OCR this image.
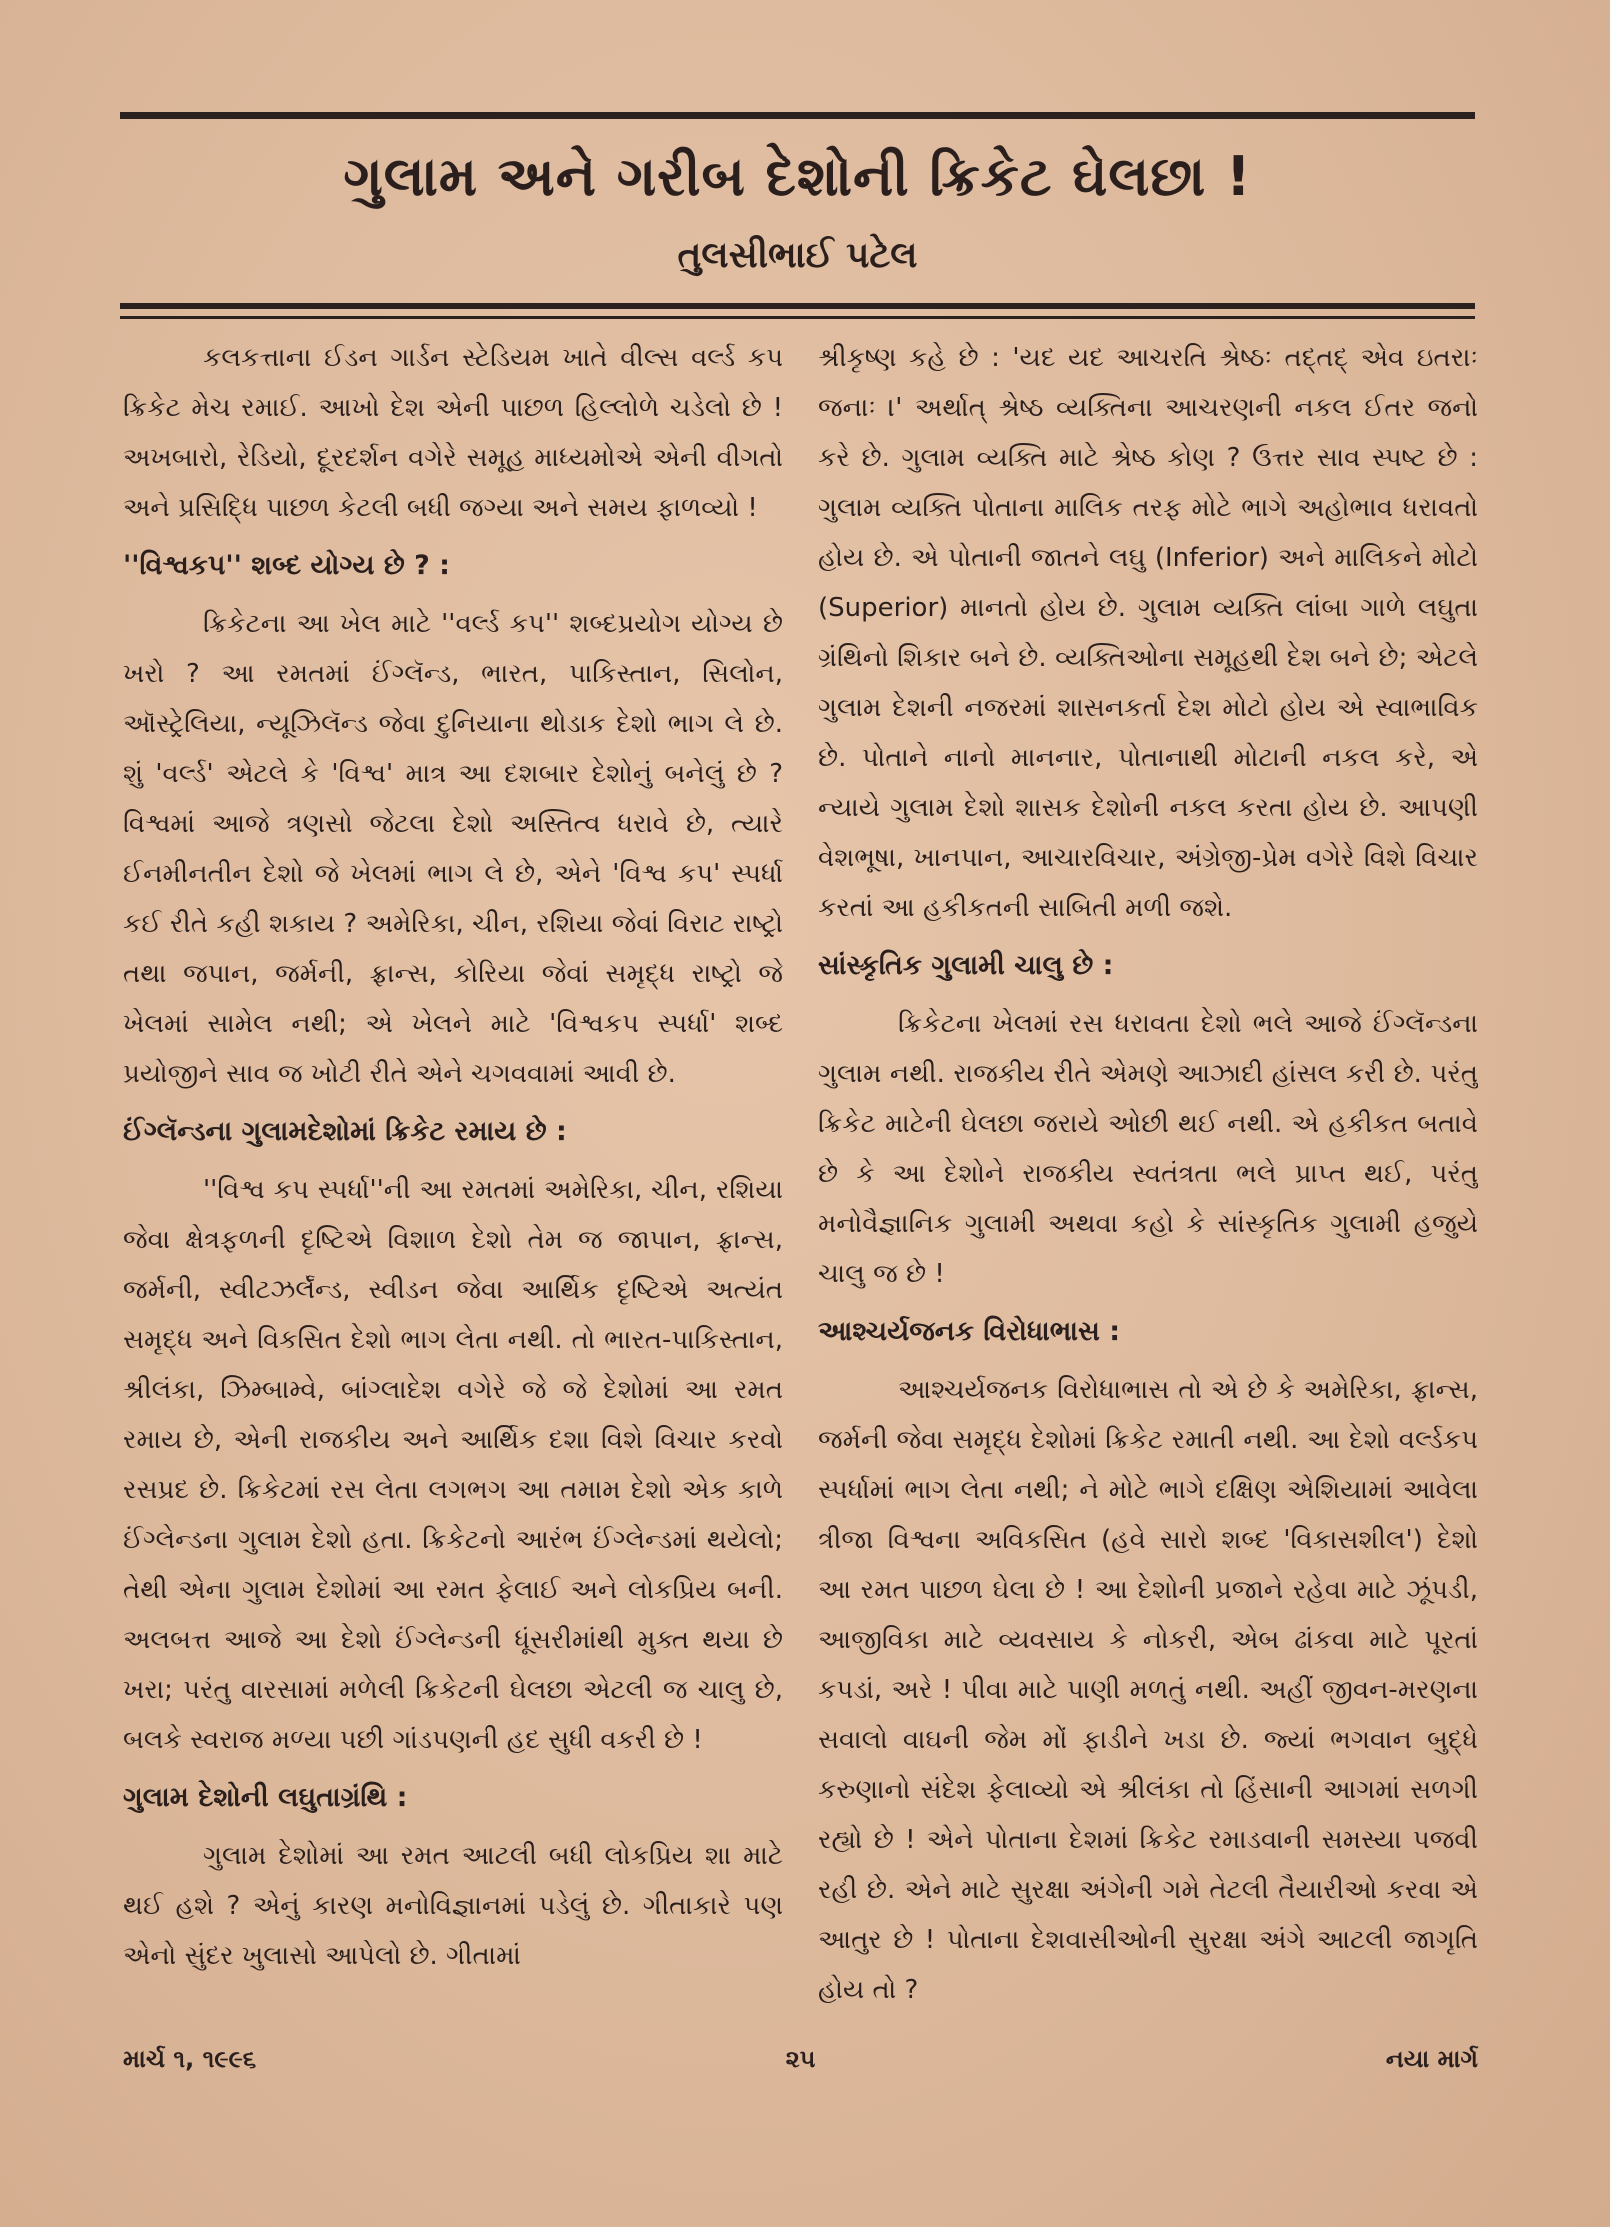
ગુલામ અને ગરીબ દેશોની ક્રિકેટ ઘેલછા !
તુલસીભાઈ પટેલ

કલકત્તાના ઈડન ગાર્ડન સ્ટેડિયમ ખાતે વીલ્સ વર્લ્ડ કપ ક્રિકેટ મેચ રમાઈ. આખો દેશ એની પાછળ હિલ્લોળે ચડેલો છે ! અખબારો, રેડિયો, દૂરદર્શન વગેરે સમૂહ માધ્યમોએ એની વીગતો અને પ્રસિદ્ધિ પાછળ કેટલી બધી જગ્યા અને સમય ફાળવ્યો !

''વિશ્વકપ'' શબ્દ યોગ્ય છે ? :

ક્રિકેટના આ ખેલ માટે ''વર્લ્ડ કપ'' શબ્દપ્રયોગ યોગ્ય છે ખરો ? આ રમતમાં ઈંગ્લૅન્ડ, ભારત, પાકિસ્તાન, સિલોન, ઑસ્ટ્રેલિયા, ન્યૂઝિલૅન્ડ જેવા દુનિયાના થોડાક દેશો ભાગ લે છે. શું 'વર્લ્ડ' એટલે કે 'વિશ્વ' માત્ર આ દશબાર દેશોનું બનેલું છે ? વિશ્વમાં આજે ત્રણસો જેટલા દેશો અસ્તિત્વ ધરાવે છે, ત્યારે ઈનમીનતીન દેશો જે ખેલમાં ભાગ લે છે, એને 'વિશ્વ કપ' સ્પર્ધા કઈ રીતે કહી શકાય ? અમેરિકા, ચીન, રશિયા જેવાં વિરાટ રાષ્ટ્રો તથા જપાન, જર્મની, ફ્રાન્સ, કોરિયા જેવાં સમૃદ્ધ રાષ્ટ્રો જે ખેલમાં સામેલ નથી; એ ખેલને માટે 'વિશ્વકપ સ્પર્ધા' શબ્દ પ્રયોજીને સાવ જ ખોટી રીતે એને ચગવવામાં આવી છે.

ઈંગ્લૅન્ડના ગુલામદેશોમાં ક્રિકેટ રમાય છે :

''વિશ્વ કપ સ્પર્ધા''ની આ રમતમાં અમેરિકા, ચીન, રશિયા જેવા ક્ષેત્રફળની દૃષ્ટિએ વિશાળ દેશો તેમ જ જાપાન, ફ્રાન્સ, જર્મની, સ્વીટઝર્લૅન્ડ, સ્વીડન જેવા આર્થિક દૃષ્ટિએ અત્યંત સમૃદ્ધ અને વિકસિત દેશો ભાગ લેતા નથી. તો ભારત-પાકિસ્તાન, શ્રીલંકા, ઝિમ્બામ્વે, બાંગ્લાદેશ વગેરે જે જે દેશોમાં આ રમત રમાય છે, એની રાજકીય અને આર્થિક દશા વિશે વિચાર કરવો રસપ્રદ છે. ક્રિકેટમાં રસ લેતા લગભગ આ તમામ દેશો એક કાળે ઈંગ્લેન્ડના ગુલામ દેશો હતા. ક્રિકેટનો આરંભ ઈંગ્લેન્ડમાં થયેલો; તેથી એના ગુલામ દેશોમાં આ રમત ફેલાઈ અને લોકપ્રિય બની. અલબત્ત આજે આ દેશો ઈંગ્લેન્ડની ધૂંસરીમાંથી મુક્ત થયા છે ખરા; પરંતુ વારસામાં મળેલી ક્રિકેટની ઘેલછા એટલી જ ચાલુ છે, બલકે સ્વરાજ મળ્યા પછી ગાંડપણની હદ સુધી વકરી છે !

ગુલામ દેશોની લઘુતાગ્રંથિ :

ગુલામ દેશોમાં આ રમત આટલી બધી લોકપ્રિય શા માટે થઈ હશે ? એનું કારણ મનોવિજ્ઞાનમાં પડેલું છે. ગીતાકારે પણ એનો સુંદર ખુલાસો આપેલો છે. ગીતામાં

શ્રીકૃષ્ણ કહે છે : 'યદ યદ આચરતિ શ્રેષ્ઠઃ તદ્તદ્ એવ ઇતરાઃ જનાઃ ।' અર્થાત્ શ્રેષ્ઠ વ્યક્તિના આચરણની નકલ ઈતર જનો કરે છે. ગુલામ વ્યક્તિ માટે શ્રેષ્ઠ કોણ ? ઉત્તર સાવ સ્પષ્ટ છે : ગુલામ વ્યક્તિ પોતાના માલિક તરફ મોટે ભાગે અહોભાવ ધરાવતો હોય છે. એ પોતાની જાતને લઘુ (Inferior) અને માલિકને મોટો (Superior) માનતો હોય છે. ગુલામ વ્યક્તિ લાંબા ગાળે લઘુતા ગ્રંથિનો શિકાર બને છે. વ્યક્તિઓના સમૂહથી દેશ બને છે; એટલે ગુલામ દેશની નજરમાં શાસનકર્તા દેશ મોટો હોય એ સ્વાભાવિક છે. પોતાને નાનો માનનાર, પોતાનાથી મોટાની નકલ કરે, એ ન્યાયે ગુલામ દેશો શાસક દેશોની નકલ કરતા હોય છે. આપણી વેશભૂષા, ખાનપાન, આચારવિચાર, અંગ્રેજી-પ્રેમ વગેરે વિશે વિચાર કરતાં આ હકીકતની સાબિતી મળી જશે.

સાંસ્કૃતિક ગુલામી ચાલુ છે :

ક્રિકેટના ખેલમાં રસ ધરાવતા દેશો ભલે આજે ઈંગ્લૅન્ડના ગુલામ નથી. રાજકીય રીતે એમણે આઝાદી હાંસલ કરી છે. પરંતુ ક્રિકેટ માટેની ઘેલછા જરાયે ઓછી થઈ નથી. એ હકીકત બતાવે છે કે આ દેશોને રાજકીય સ્વતંત્રતા ભલે પ્રાપ્ત થઈ, પરંતુ મનોવૈજ્ઞાનિક ગુલામી અથવા કહો કે સાંસ્કૃતિક ગુલામી હજુયે ચાલુ જ છે !

આશ્ચર્યજનક વિરોધાભાસ :

આશ્ચર્યજનક વિરોધાભાસ તો એ છે કે અમેરિકા, ફ્રાન્સ, જર્મની જેવા સમૃદ્ધ દેશોમાં ક્રિકેટ રમાતી નથી. આ દેશો વર્લ્ડકપ સ્પર્ધામાં ભાગ લેતા નથી; ને મોટે ભાગે દક્ષિણ એશિયામાં આવેલા ત્રીજા વિશ્વના અવિકસિત (હવે સારો શબ્દ 'વિકાસશીલ') દેશો આ રમત પાછળ ઘેલા છે ! આ દેશોની પ્રજાને રહેવા માટે ઝૂંપડી, આજીવિકા માટે વ્યવસાય કે નોકરી, એબ ઢાંકવા માટે પૂરતાં કપડાં, અરે ! પીવા માટે પાણી મળતું નથી. અહીં જીવન-મરણના સવાલો વાઘની જેમ મોં ફાડીને ખડા છે. જ્યાં ભગવાન બુદ્ધે કરુણાનો સંદેશ ફેલાવ્યો એ શ્રીલંકા તો હિંસાની આગમાં સળગી રહ્યો છે ! એને પોતાના દેશમાં ક્રિકેટ રમાડવાની સમસ્યા પજવી રહી છે. એને માટે સુરક્ષા અંગેની ગમે તેટલી તૈયારીઓ કરવા એ આતુર છે ! પોતાના દેશવાસીઓની સુરક્ષા અંગે આટલી જાગૃતિ હોય તો ?

માર્ચ ૧, ૧૯૯૬	૨૫	નયા માર્ગ
